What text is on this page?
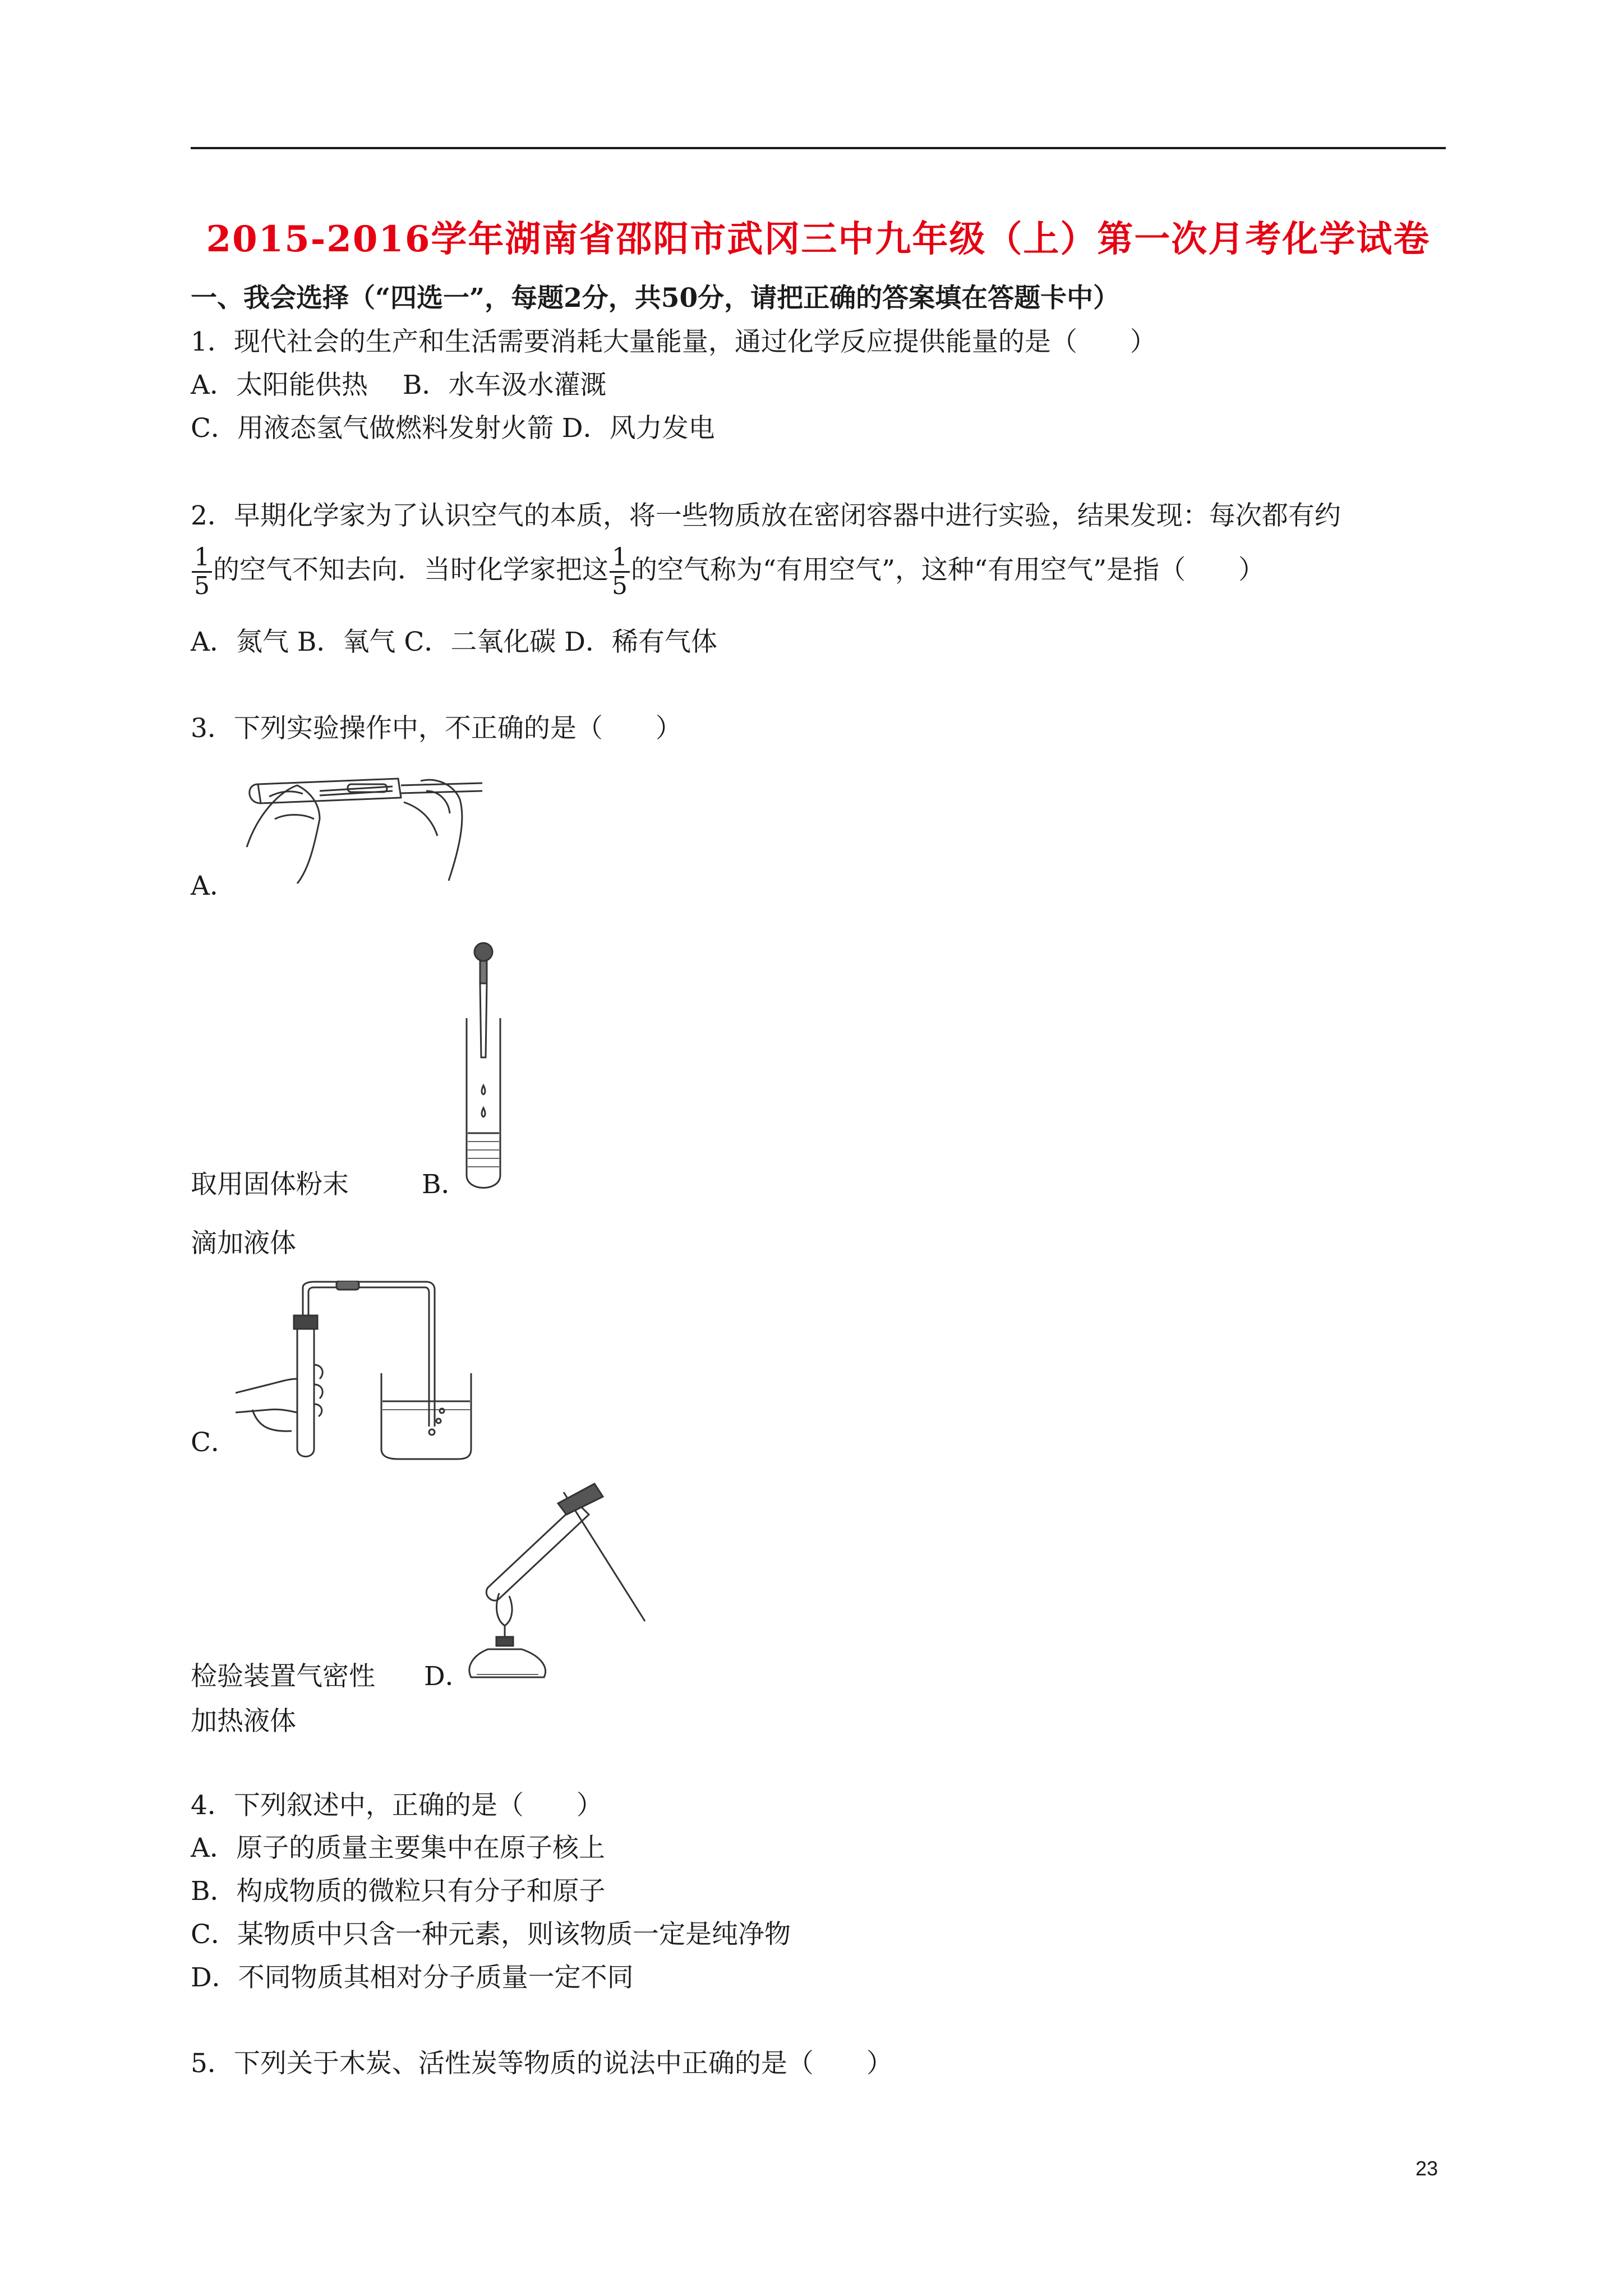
2015-2016学年湖南省邵阳市武冈三中九年级（上）第一次月考化学试卷
一、我会选择（“四选一”，每题2分，共50分，请把正确的答案填在答题卡中）
1．现代社会的生产和生活需要消耗大量能量，通过化学反应提供能量的是（　　）
A．太阳能供热　 B．水车汲水灌溉
C．用液态氢气做燃料发射火箭 D．风力发电
2．早期化学家为了认识空气的本质，将一些物质放在密闭容器中进行实验，结果发现：每次都有约
$\frac{1}{5}$ 的空气不知去向．当时化学家把这 $\frac{1}{5}$ 的空气称为“有用空气”，这种“有用空气”是指（　　）
A．氮气 B．氧气 C．二氧化碳 D．稀有气体
3．下列实验操作中，不正确的是（　　）
A．
取用固体粉末	B．
滴加液体
C．
检验装置气密性 D．
加热液体
4．下列叙述中，正确的是（　　）
A．原子的质量主要集中在原子核上
B．构成物质的微粒只有分子和原子
C．某物质中只含一种元素，则该物质一定是纯净物
D．不同物质其相对分子质量一定不同
5．下列关于木炭、活性炭等物质的说法中正确的是（　　）
23
